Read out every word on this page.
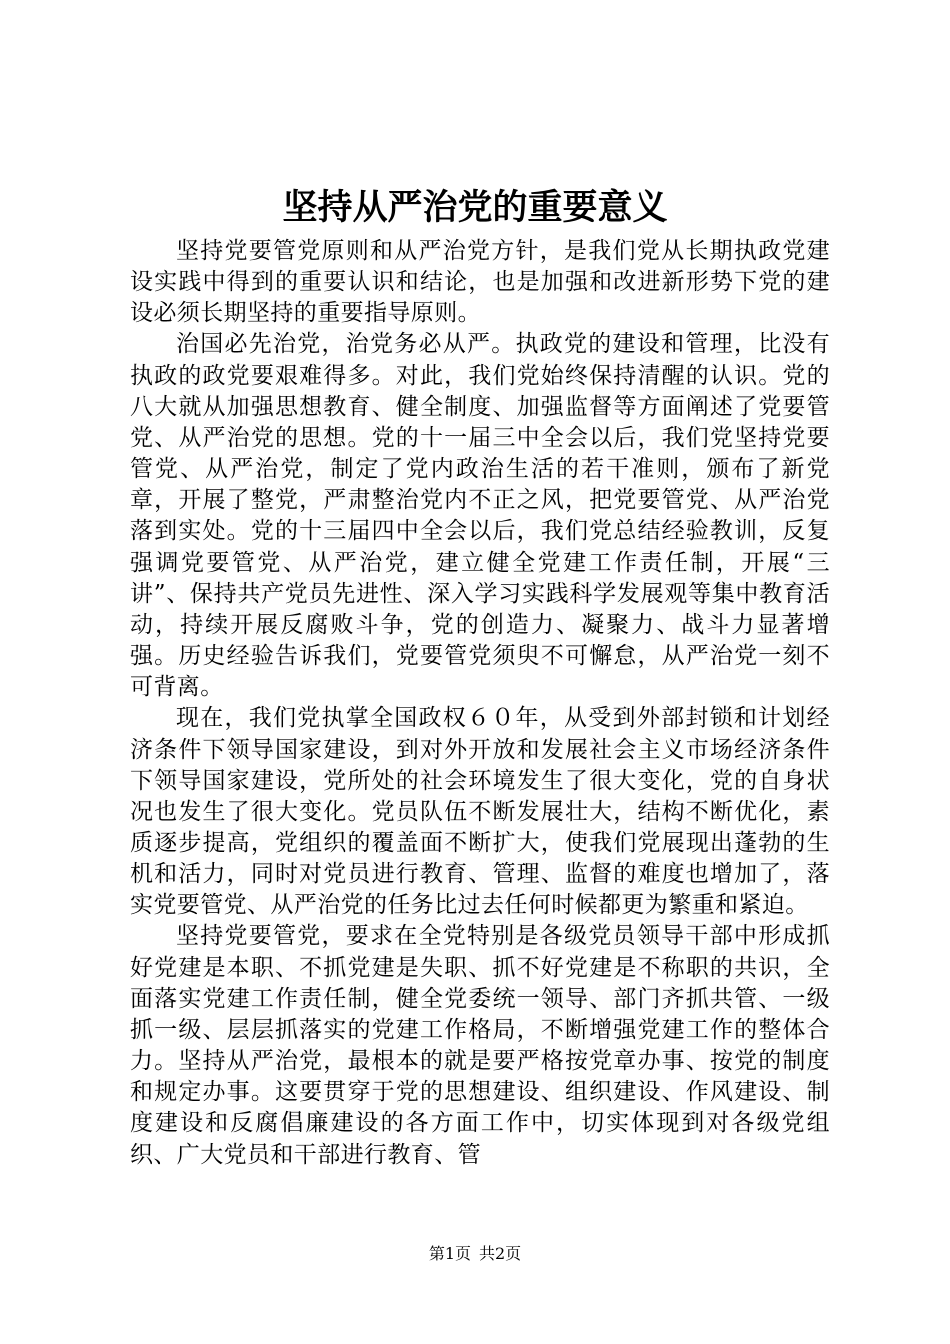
坚持从严治党的重要意义

坚持党要管党原则和从严治党方针，是我们党从长期执政党建设实践中得到的重要认识和结论，也是加强和改进新形势下党的建设必须长期坚持的重要指导原则。

治国必先治党，治党务必从严。执政党的建设和管理，比没有执政的政党要艰难得多。对此，我们党始终保持清醒的认识。党的八大就从加强思想教育、健全制度、加强监督等方面阐述了党要管党、从严治党的思想。党的十一届三中全会以后，我们党坚持党要管党、从严治党，制定了党内政治生活的若干准则，颁布了新党章，开展了整党，严肃整治党内不正之风，把党要管党、从严治党落到实处。党的十三届四中全会以后，我们党总结经验教训，反复强调党要管党、从严治党，建立健全党建工作责任制，开展“三讲”、保持共产党员先进性、深入学习实践科学发展观等集中教育活动，持续开展反腐败斗争，党的创造力、凝聚力、战斗力显著增强。历史经验告诉我们，党要管党须臾不可懈怠，从严治党一刻不可背离。

现在，我们党执掌全国政权６０年，从受到外部封锁和计划经济条件下领导国家建设，到对外开放和发展社会主义市场经济条件下领导国家建设，党所处的社会环境发生了很大变化，党的自身状况也发生了很大变化。党员队伍不断发展壮大，结构不断优化，素质逐步提高，党组织的覆盖面不断扩大，使我们党展现出蓬勃的生机和活力，同时对党员进行教育、管理、监督的难度也增加了，落实党要管党、从严治党的任务比过去任何时候都更为繁重和紧迫。

坚持党要管党，要求在全党特别是各级党员领导干部中形成抓好党建是本职、不抓党建是失职、抓不好党建是不称职的共识，全面落实党建工作责任制，健全党委统一领导、部门齐抓共管、一级抓一级、层层抓落实的党建工作格局，不断增强党建工作的整体合力。坚持从严治党，最根本的就是要严格按党章办事、按党的制度和规定办事。这要贯穿于党的思想建设、组织建设、作风建设、制度建设和反腐倡廉建设的各方面工作中，切实体现到对各级党组织、广大党员和干部进行教育、管

第1页 共2页
